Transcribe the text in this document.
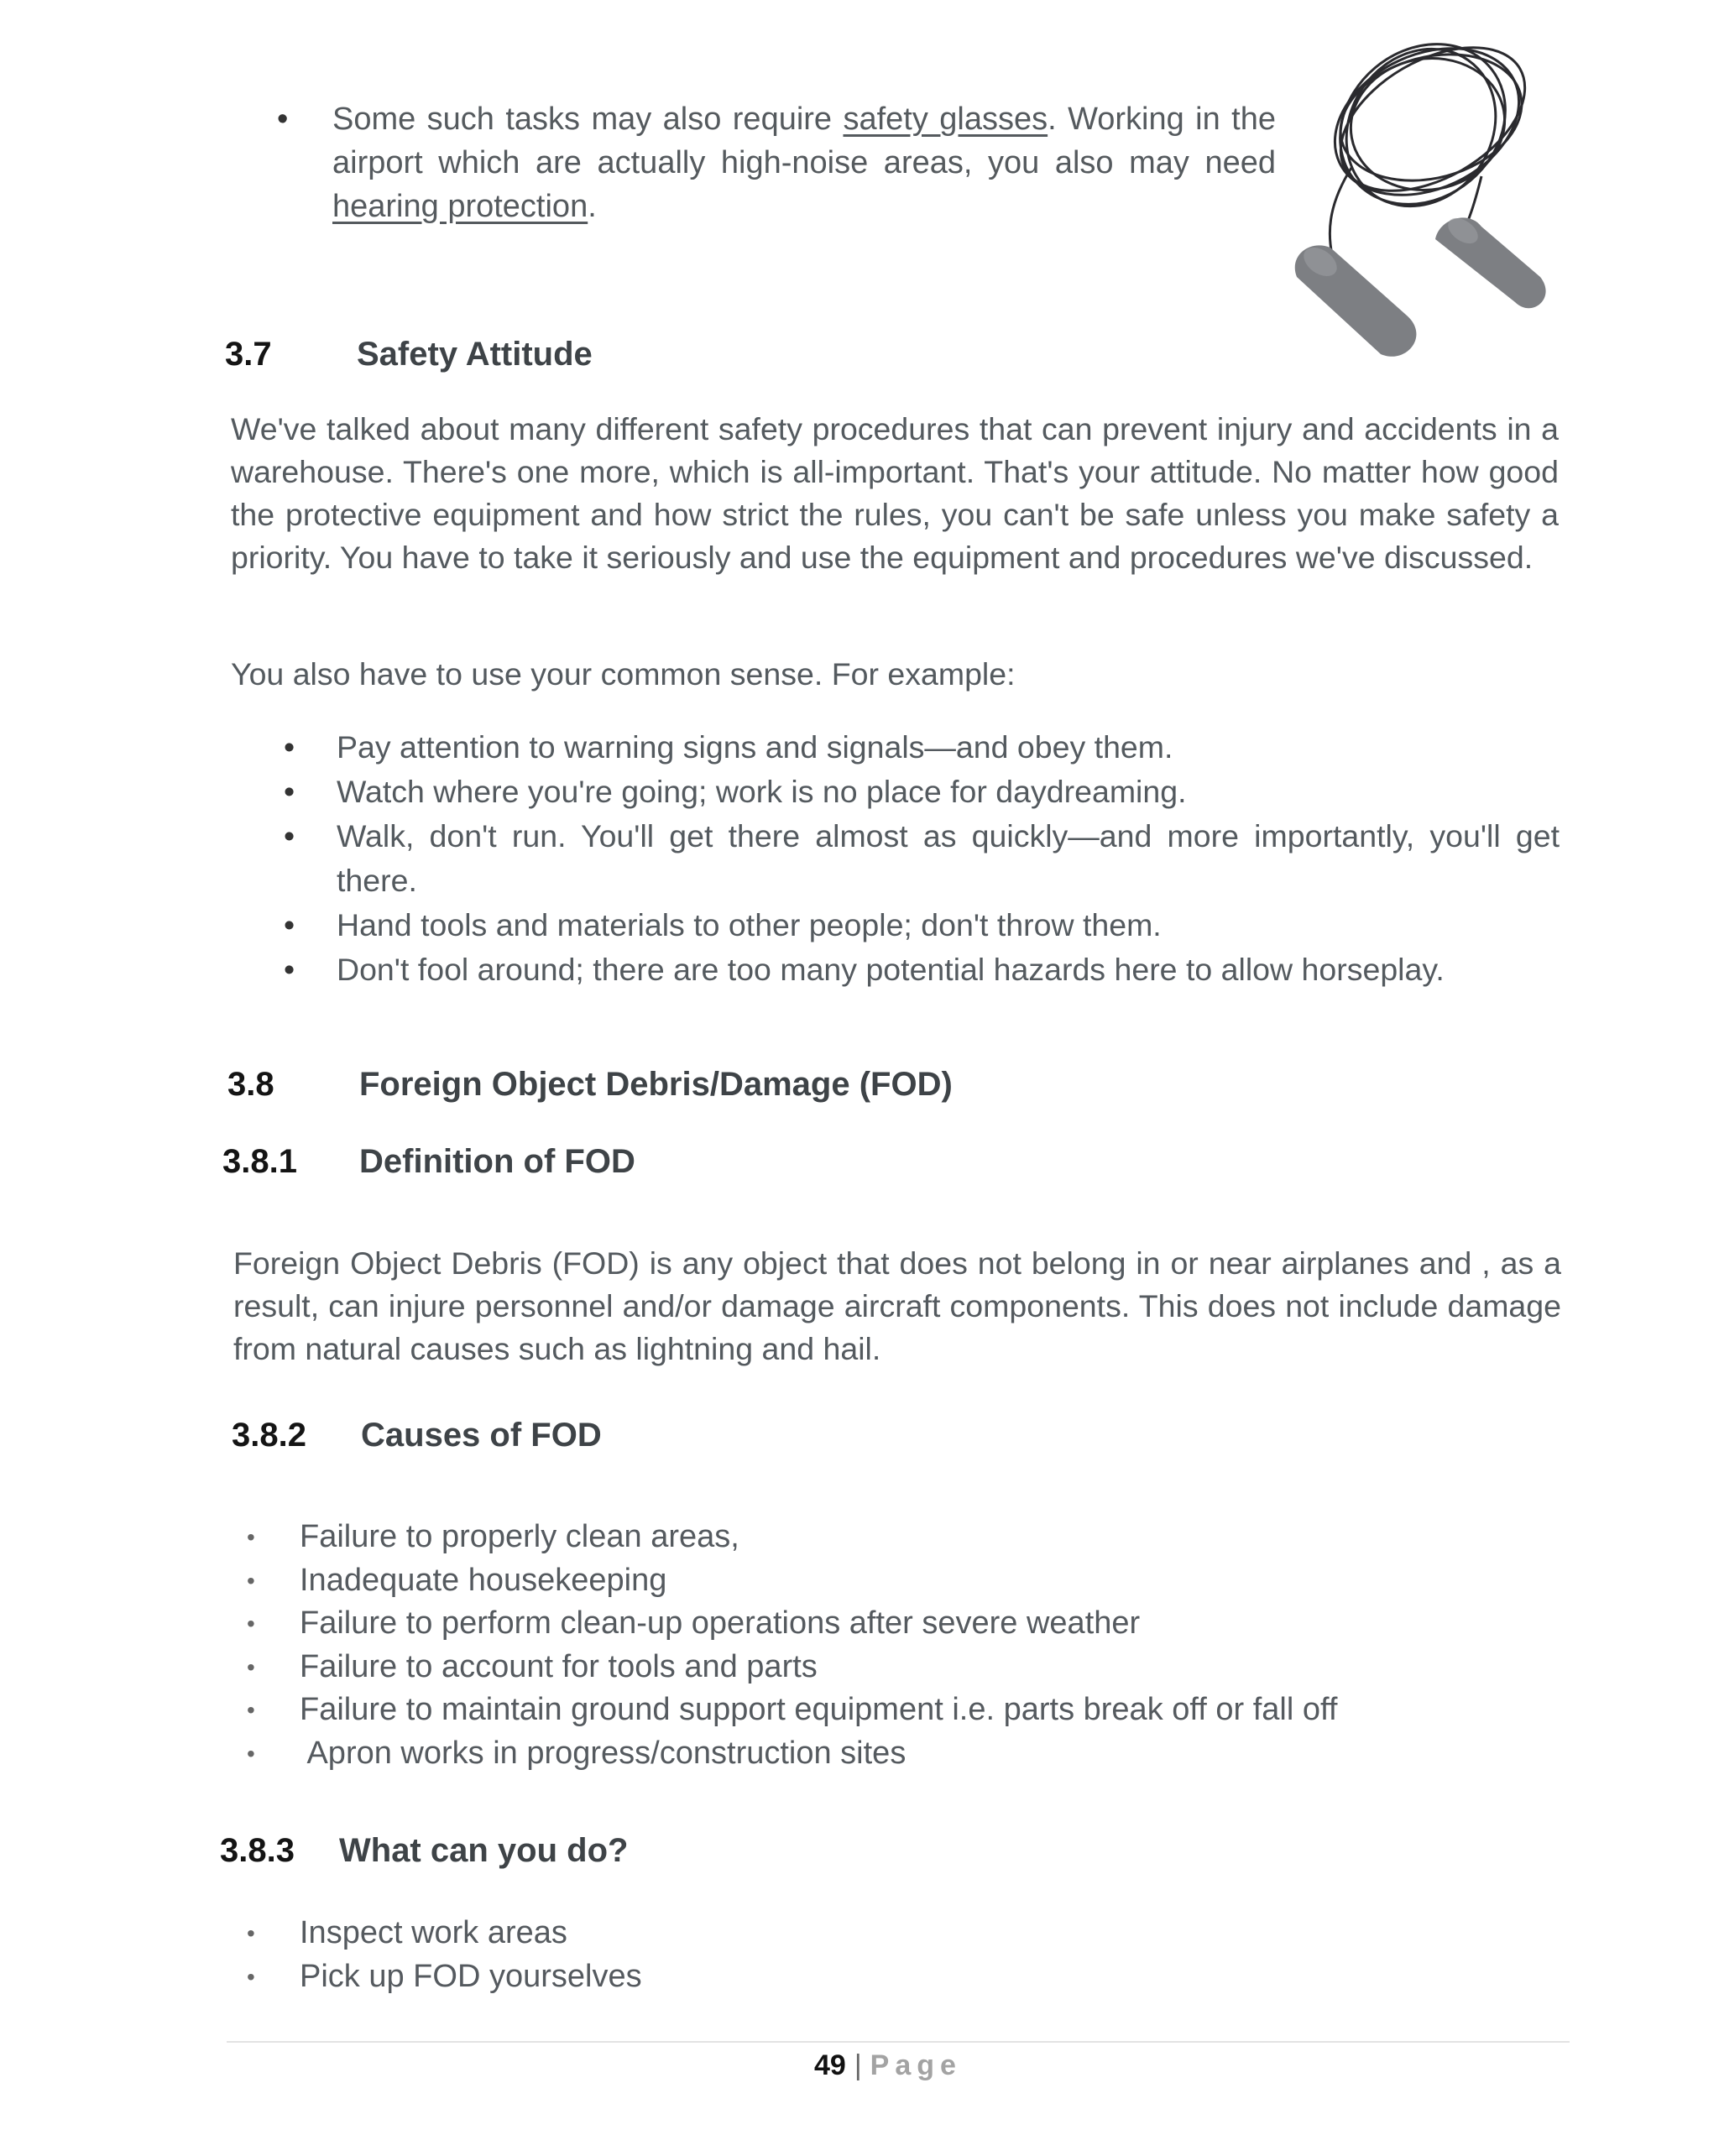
• Some such tasks may also require safety glasses. Working in the airport which are actually high-noise areas, you also may need hearing protection.
3.7	Safety Attitude

We've talked about many different safety procedures that can prevent injury and accidents in a warehouse. There's one more, which is all-important. That's your attitude. No matter how good the protective equipment and how strict the rules, you can't be safe unless you make safety a priority. You have to take it seriously and use the equipment and procedures we've discussed.

You also have to use your common sense. For example:

• Pay attention to warning signs and signals—and obey them.
• Watch where you're going; work is no place for daydreaming.
• Walk, don't run. You'll get there almost as quickly—and more importantly, you'll get there.
• Hand tools and materials to other people; don't throw them.
• Don't fool around; there are too many potential hazards here to allow horseplay.
3.8	Foreign Object Debris/Damage (FOD)
3.8.1 Definition of FOD

Foreign Object Debris (FOD) is any object that does not belong in or near airplanes and , as a result, can injure personnel and/or damage aircraft components. This does not include damage from natural causes such as lightning and hail.

3.8.2 Causes of FOD
• Failure to properly clean areas,
• Inadequate housekeeping
• Failure to perform clean-up operations after severe weather
• Failure to account for tools and parts
• Failure to maintain ground support equipment i.e. parts break off or fall off
• Apron works in progress/construction sites
3.8.3 What can you do?
• Inspect work areas
• Pick up FOD yourselves
49 | Page
